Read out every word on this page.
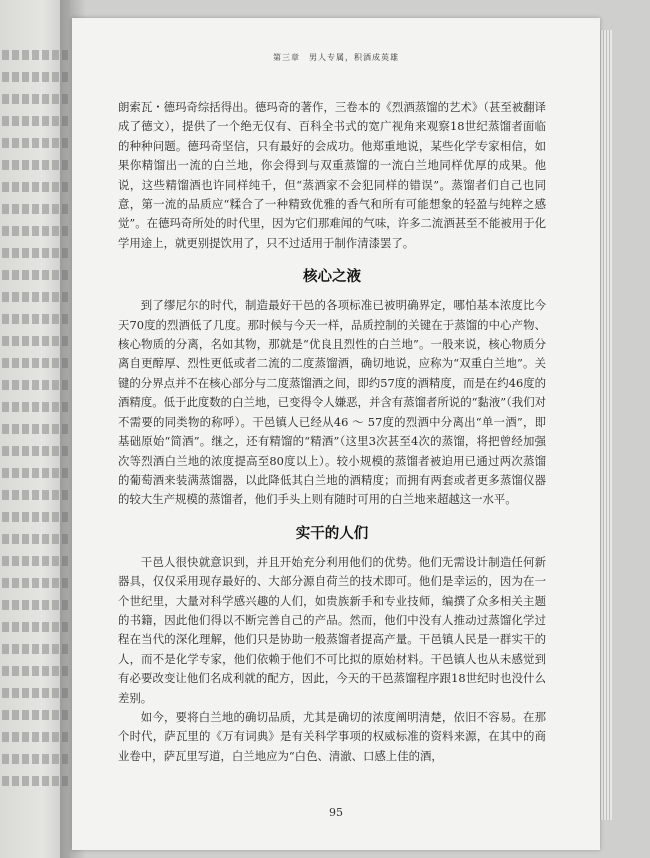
第三章　男人专属，积酒成英雄

朗索瓦・德玛奇综括得出。德玛奇的著作，三卷本的《烈酒蒸馏的艺术》（甚至被翻译成了德文），提供了一个绝无仅有、百科全书式的宽广视角来观察18世纪蒸馏者面临的种种问题。德玛奇坚信，只有最好的会成功。他郑重地说，某些化学专家相信，如果你精馏出一流的白兰地，你会得到与双重蒸馏的一流白兰地同样优厚的成果。他说，这些精馏酒也许同样纯千，但“蒸酒家不会犯同样的错误”。蒸馏者们自己也同意，第一流的品质应“糅合了一种精致优雅的香气和所有可能想象的轻盈与纯粹之感觉”。在德玛奇所处的时代里，因为它们那难闻的气味，许多二流酒甚至不能被用于化学用途上，就更别提饮用了，只不过适用于制作清漆罢了。

核心之液

到了缪尼尔的时代，制造最好干邑的各项标准已被明确界定，哪怕基本浓度比今天70度的烈酒低了几度。那时候与今天一样，品质控制的关键在于蒸馏的中心产物、核心物质的分离，名如其物，那就是“优良且烈性的白兰地”。一般来说，核心物质分离自更醇厚、烈性更低或者二流的二度蒸馏酒，确切地说，应称为“双重白兰地”。关键的分界点并不在核心部分与二度蒸馏酒之间，即约57度的酒精度，而是在约46度的酒精度。低于此度数的白兰地，已变得令人嫌恶，并含有蒸馏者所说的“黏液”（我们对不需要的同类物的称呼）。干邑镇人已经从46 ～ 57度的烈酒中分离出“单一酒”，即基础原始“简酒”。继之，还有精馏的“精酒”（这里3次甚至4次的蒸馏，将把曾经加强次等烈酒白兰地的浓度提高至80度以上）。较小规模的蒸馏者被迫用已通过两次蒸馏的葡萄酒来装满蒸馏器，以此降低其白兰地的酒精度；而拥有两套或者更多蒸馏仪器的较大生产规模的蒸馏者，他们手头上则有随时可用的白兰地来超越这一水平。

实干的人们

干邑人很快就意识到，并且开始充分利用他们的优势。他们无需设计制造任何新器具，仅仅采用现存最好的、大部分源自荷兰的技术即可。他们是幸运的，因为在一个世纪里，大量对科学感兴趣的人们，如贵族新手和专业技师，编撰了众多相关主题的书籍，因此他们得以不断完善自己的产品。然而，他们中没有人推动过蒸馏化学过程在当代的深化理解，他们只是协助一般蒸馏者提高产量。干邑镇人民是一群实干的人，而不是化学专家，他们依赖于他们不可比拟的原始材料。干邑镇人也从未感觉到有必要改变让他们名成利就的配方，因此，今天的干邑蒸馏程序跟18世纪时也没什么差别。

如今，要将白兰地的确切品质，尤其是确切的浓度阐明清楚，依旧不容易。在那个时代，萨瓦里的《万有词典》是有关科学事项的权威标准的资料来源，在其中的商业卷中，萨瓦里写道，白兰地应为“白色、清澈、口感上佳的酒，

95
